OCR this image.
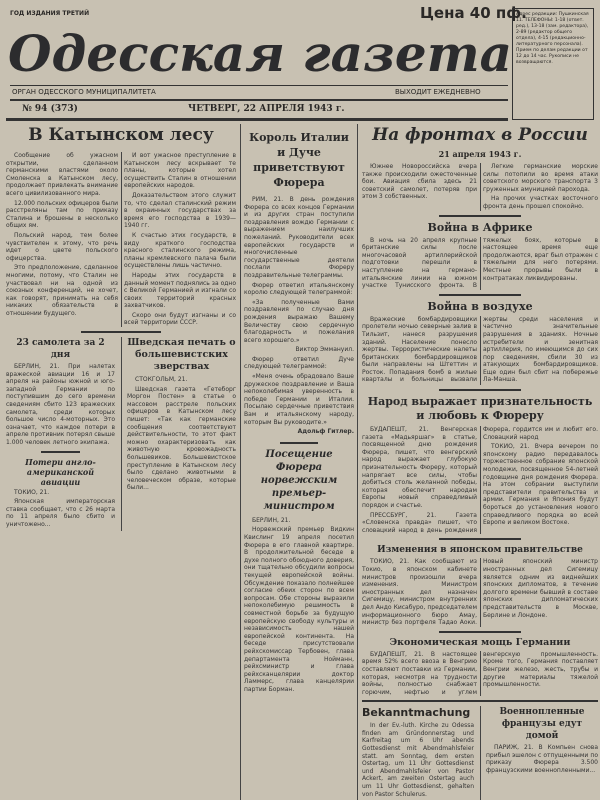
ГОД ИЗДАНИЯ ТРЕТИЙ	Цена 40 пф.
Одесская газета
Адрес редакции: Пушкинская 11. ТЕЛЕФОНЫ: 1-18 (ответ. ред.), 13-18 (зам. редактора), 2-89 (редактор общего отдела), 4-15 (редакционно-литературного персонала). Прием по делам редакции от 12 до 14 час. Рукописи не возвращаются.
ОРГАН ОДЕССКОГО МУНИЦИПАЛИТЕТА	ВЫХОДИТ ЕЖЕДНЕВНО
№ 94 (373)	ЧЕТВЕРГ, 22 АПРЕЛЯ 1943 г.
В Катынском лесу

Сообщение об ужасном открытии, сделанном германскими властями около Смоленска в Катынском лесу, продолжает привлекать внимание всего цивилизованного мира.

12.000 польских офицеров были расстреляны там по приказу Сталина и брошены в несколько общих ям.

Польский народ, тем более чувствителен к этому, что речь идет о цвете польского офицерства.

Это предположение, сделанное многими, потому, что Сталин не участвовал ни на одной из союзных конференций, не хочет, как говорят, принимать на себя никаких обязательств в отношении будущего.

И вот ужасное преступление в Катынском лесу вскрывает те планы, которые хотел осуществить Сталин в отношении европейских народов.

Доказательством этого служит то, что сделал сталинский режим в окраинных государствах за время его господства в 1939—1940 гг.

К счастью этих государств, в виду краткого господства красного сталинского режима, планы кремлевского палача были осуществлены лишь частично.

Народы этих государств в данный момент поднялись за одно с Великой Германией и изгнали со своих территорий красных захватчиков.

Скоро они будут изгнаны и со всей территории СССР.

23 самолета за 2 дня

БЕРЛИН, 21. При налетах вражеской авиации 16 и 17 апреля на районы южной и юго-западной Германии по поступившим до сего времени сведениям сбито 123 вражеских самолета, среди которых большое число 4-моторных. Это означает, что каждое потери в апреле противник потерял свыше 1.000 человек летного экипажа.

Потери англо-американской авиации

ТОКИО, 21.

Японская императорская ставка сообщает, что с 26 марта по 11 апреля было сбито и уничтожено...

Шведская печать о большевистских зверствах

СТОКГОЛЬМ, 21.

Шведская газета «Гетеборг Моргон Постен» в статье о массовом расстреле польских офицеров в Катынском лесу пишет: «Так как германские сообщения соответствуют действительности, то этот факт можно охарактеризовать как животную кровожадность большевиков. Большевистское преступление в Катынском лесу было сделано животными в человеческом образе, которые были...

Король Италии и Дуче приветствуют Фюрера

РИМ, 21. В день рождения Фюрера со всех концов Германии и из других стран поступили поздравления вождю Германии с выражением наилучших пожеланий. Руководители всех европейских государств и многочисленные государственные деятели послали Фюреру поздравительные телеграммы.

Фюрер ответил итальянскому королю следующей телеграммой:

«За полученные Вами поздравления по случаю дня рождения выражаю Вашему Величеству свою сердечную благодарность и пожелания всего хорошего.»

Виктор Эммануил.

Фюрер ответил Дуче следующей телеграммой:

«Меня очень обрадовало Ваше дружеское поздравление и Ваша непоколебимая уверенность в победе Германии и Италии. Посылаю сердечные приветствия Вам и итальянскому народу, которым Вы руководите.»

Адольф Гитлер.

Посещение Фюрера норвежским премьер-министром

БЕРЛИН, 21.

Норвежский премьер Видкин Квислинг 19 апреля посетил Фюрера в его главной квартире. В продолжительной беседе в духе полного обоюдного доверия, они тщательно обсудили вопросы текущей европейской войны. Обсуждение показало полнейшее согласие обеих сторон по всем вопросам. Обе стороны выразили непоколебимую решимость в совместной борьбе за будущую европейскую свободу культуры и независимость нашей европейской континента. На беседе присутствовали рейхскомиссар Тербовен, глава департамента Нойманн, рейхсминистр и глава рейхсканцелярии доктор Ламмерс, глава канцелярии партии Борман.

На фронтах в России
21 апреля 1943 г.

Южнее Новороссийска вчера также происходили ожесточенные бои. Авиация сбила здесь 21 советский самолет, потеряв при этом 3 собственных.

Легкие германские морские силы потопили во время атаки советского морского транспорта 3 груженных амуницией парохода.

На прочих участках восточного фронта день прошел спокойно.

Война в Африке

В ночь на 20 апреля крупные британские силы после многочасовой артиллерийской подготовки перешли в наступление на германо-итальянские линии на южном участке Тунисского фронта. В тяжелых боях, которые в настоящее время еще продолжаются, враг был отражен с тяжелыми для него потерями. Местные прорывы были в контратаках ликвидированы.

Война в воздухе

Вражеские бомбардировщики пролетели ночью северные залив в Тильзит, нанеся разрушения зданий. Население понесло жертвы. Террористические налеты британских бомбардировщиков были направлены на Штеттин и Росток. Попадания бомб в жилые кварталы и больницы вызвали жертвы среди населения и частично значительные разрушения в зданиях. Ночные истребители и зенитная артиллерия, по имеющимся до сих пор сведениям, сбили 30 из атакующих бомбардировщиков. Еще один был сбит на побережье Ла-Манша.

Народ выражает признательность и любовь к Фюреру

БУДАПЕШТ, 21. Венгерская газета «Мадьяршаг» в статье, посвященной дню рождения Фюрера, пишет, что венгерский народ выражает глубокую признательность Фюреру, который напрягает все силы, чтобы добиться столь желанной победы, которая обеспечит народам Европы новый справедливый порядок и счастье.

ПРЕССБУРГ, 21. Газета «Словенска правда» пишет, что словацкий народ в день рождения Фюрера, гордится им и любит его. Словацкий народ

ТОКИО, 21. Вчера вечером по японскому радио передавалось торжественное собрание японской молодежи, посвященное 54-летней годовщине дня рождения Фюрера. На этом собрании выступили представители правительства и армии. Германия и Япония будут бороться до установления нового справедливого порядка во всей Европе и великом Востоке.

Изменения в японском правительстве

ТОКИО, 21. Как сообщают из Токио, в японском кабинете министров произошли вчера изменения. Министром иностранных дел назначен Сигемицу, министром внутренних дел Андо Кисабуро, председателем информационного бюро Амау, министр без портфеля Тадао Аоки. Новый японский министр иностранных дел Сигемицу является одним из виднейших японских дипломатов, в течение долгого времени бывший в составе японских дипломатических представительств в Москве, Берлине и Лондоне.

Экономическая мощь Германии

БУДАПЕШТ, 21. В настоящее время 52% всего ввоза в Венгрию составляют поставки из Германии, которая, несмотря на трудности войны, полностью снабжает горючим, нефтью и углем венгерскую промышленность. Кроме того, Германия поставляет Венгрии железо, жесть, трубы и другие материалы тяжелой промышленности.

Bekanntmachung

In der Ev.-luth. Kirche zu Odessa finden am Gründonnerstag und Karfreitag um 6 Uhr abends Gottesdienst mit Abendmahlsfeier statt. am Sonntag, dem ersten Ostertag, um 11 Uhr Gottesdienst und Abendmahlsfeier von Pastor Ackert, am zweiten Ostertag auch um 11 Uhr Gottesdienst, gehalten von Pastor Schulerus.

Военнопленные французы едут домой

ПАРИЖ, 21. В Компьен снова прибыл эшелон с отпущенными по приказу Фюрера 3.500 французскими военнопленными...
